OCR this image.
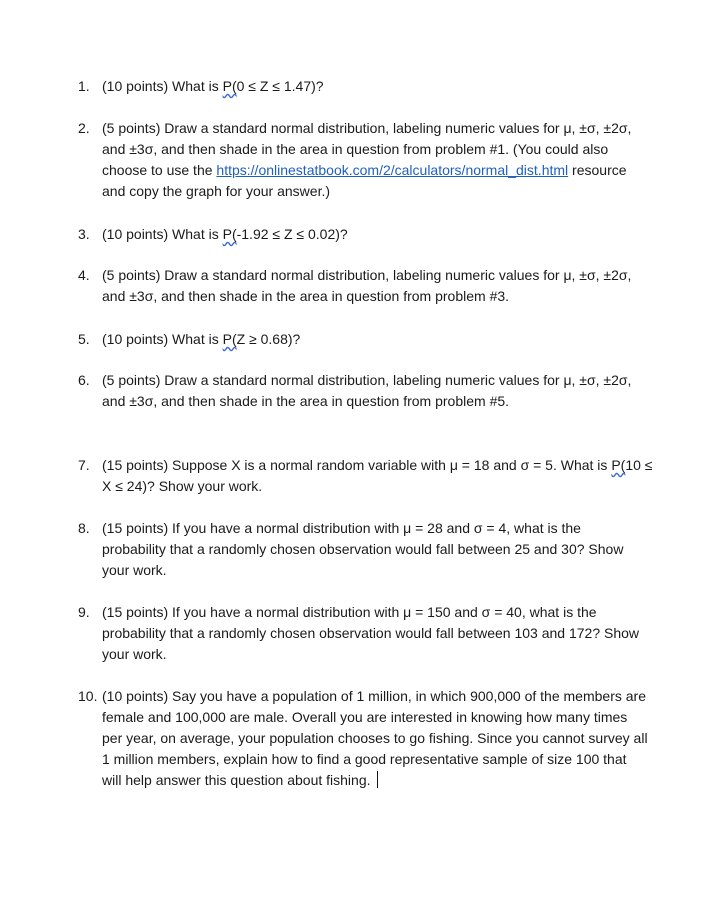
1. (10 points) What is P(0 ≤ Z ≤ 1.47)?
2. (5 points) Draw a standard normal distribution, labeling numeric values for μ, ±σ, ±2σ,
and ±3σ, and then shade in the area in question from problem #1. (You could also
choose to use the https://onlinestatbook.com/2/calculators/normal_dist.html resource
and copy the graph for your answer.)
3. (10 points) What is P(-1.92 ≤ Z ≤ 0.02)?
4. (5 points) Draw a standard normal distribution, labeling numeric values for μ, ±σ, ±2σ,
and ±3σ, and then shade in the area in question from problem #3.
5. (10 points) What is P(Z ≥ 0.68)?
6. (5 points) Draw a standard normal distribution, labeling numeric values for μ, ±σ, ±2σ,
and ±3σ, and then shade in the area in question from problem #5.
7. (15 points) Suppose X is a normal random variable with μ = 18 and σ = 5. What is P(10 ≤
X ≤ 24)? Show your work.
8. (15 points) If you have a normal distribution with μ = 28 and σ = 4, what is the
probability that a randomly chosen observation would fall between 25 and 30? Show
your work.
9. (15 points) If you have a normal distribution with μ = 150 and σ = 40, what is the
probability that a randomly chosen observation would fall between 103 and 172? Show
your work.
10. (10 points) Say you have a population of 1 million, in which 900,000 of the members are
female and 100,000 are male. Overall you are interested in knowing how many times
per year, on average, your population chooses to go fishing. Since you cannot survey all
1 million members, explain how to find a good representative sample of size 100 that
will help answer this question about fishing.
